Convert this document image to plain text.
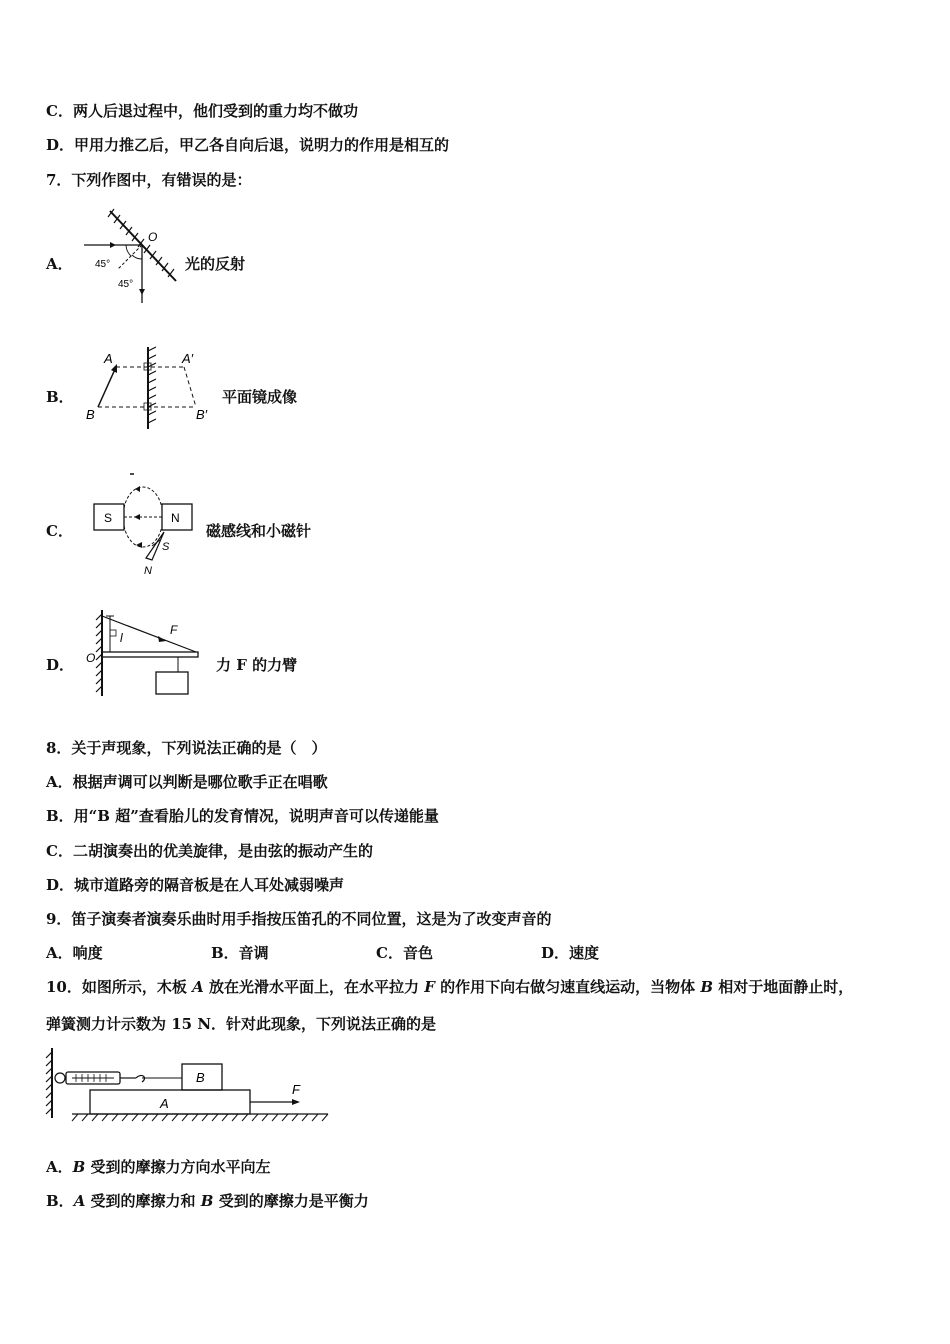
C．两人后退过程中，他们受到的重力均不做功
D．甲用力推乙后，甲乙各自向后退，说明力的作用是相互的
7．下列作图中，有错误的是：
A． 45°
45°
O
光的反射
B．
A	A′
B	B′
平面镜成像
C．
S	N
S
N
磁感线和小磁针
D． O
l
F
力 F 的力臂
8．关于声现象，下列说法正确的是（　）
A．根据声调可以判断是哪位歌手正在唱歌
B．用“B 超”查看胎儿的发育情况，说明声音可以传递能量
C．二胡演奏出的优美旋律，是由弦的振动产生的
D．城市道路旁的隔音板是在人耳处减弱噪声
9．笛子演奏者演奏乐曲时用手指按压笛孔的不同位置，这是为了改变声音的
A．响度	B．音调	C．音色	D．速度
10．如图所示，木板 A 放在光滑水平面上，在水平拉力 F 的作用下向右做匀速直线运动，当物体 B 相对于地面静止时，
弹簧测力计示数为 15 N．针对此现象，下列说法正确的是
B
A
F
A．B 受到的摩擦力方向水平向左
B．A 受到的摩擦力和 B 受到的摩擦力是平衡力
